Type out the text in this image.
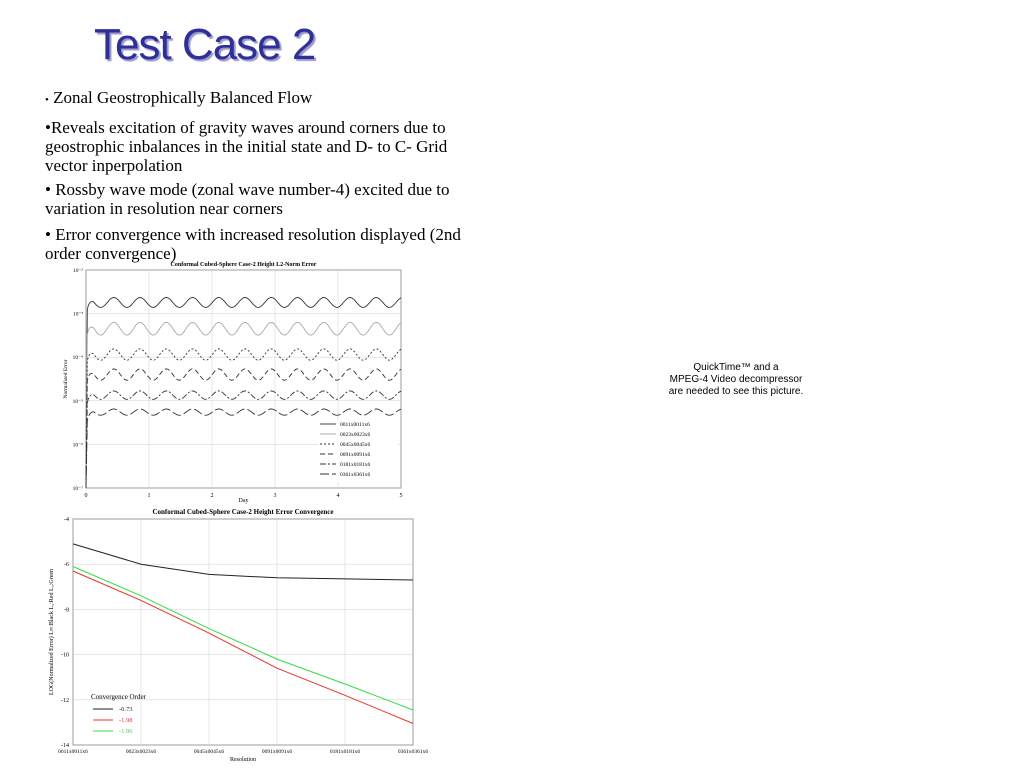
Test Case 2
• Zonal Geostrophically Balanced Flow
•Reveals excitation of gravity waves around corners due to geostrophic inbalances in the initial state and D- to C- Grid vector inperpolation
• Rossby wave mode (zonal wave number-4) excited due to variation in resolution near corners
• Error convergence with increased resolution displayed (2nd order convergence)
0	1	2	3	4	5
10⁻²
10⁻³
10⁻⁴
10⁻⁵
10⁻⁶
10⁻⁷
Conformal Cubed-Sphere Case-2 Height L2-Norm Error
Day
Normalized Error
0011x0011x6
0023x0023x6
0045x0045x6
0091x0091x6
0181x0181x6
0361x0361x6
0011x0011x6	0023x0023x6	0045x0045x6	0091x0091x6	0181x0181x6	0361x0361x6
-4
-6
-8
-10
-12
-14
Conformal Cubed-Sphere Case-2 Height Error Convergence
Resolution
LOG(Normalized Error) L∞:Black L₁:Red L₂:Green
Convergence Order
-0.73
-1.98
-1.96
QuickTime™ and a
MPEG-4 Video decompressor
are needed to see this picture.
